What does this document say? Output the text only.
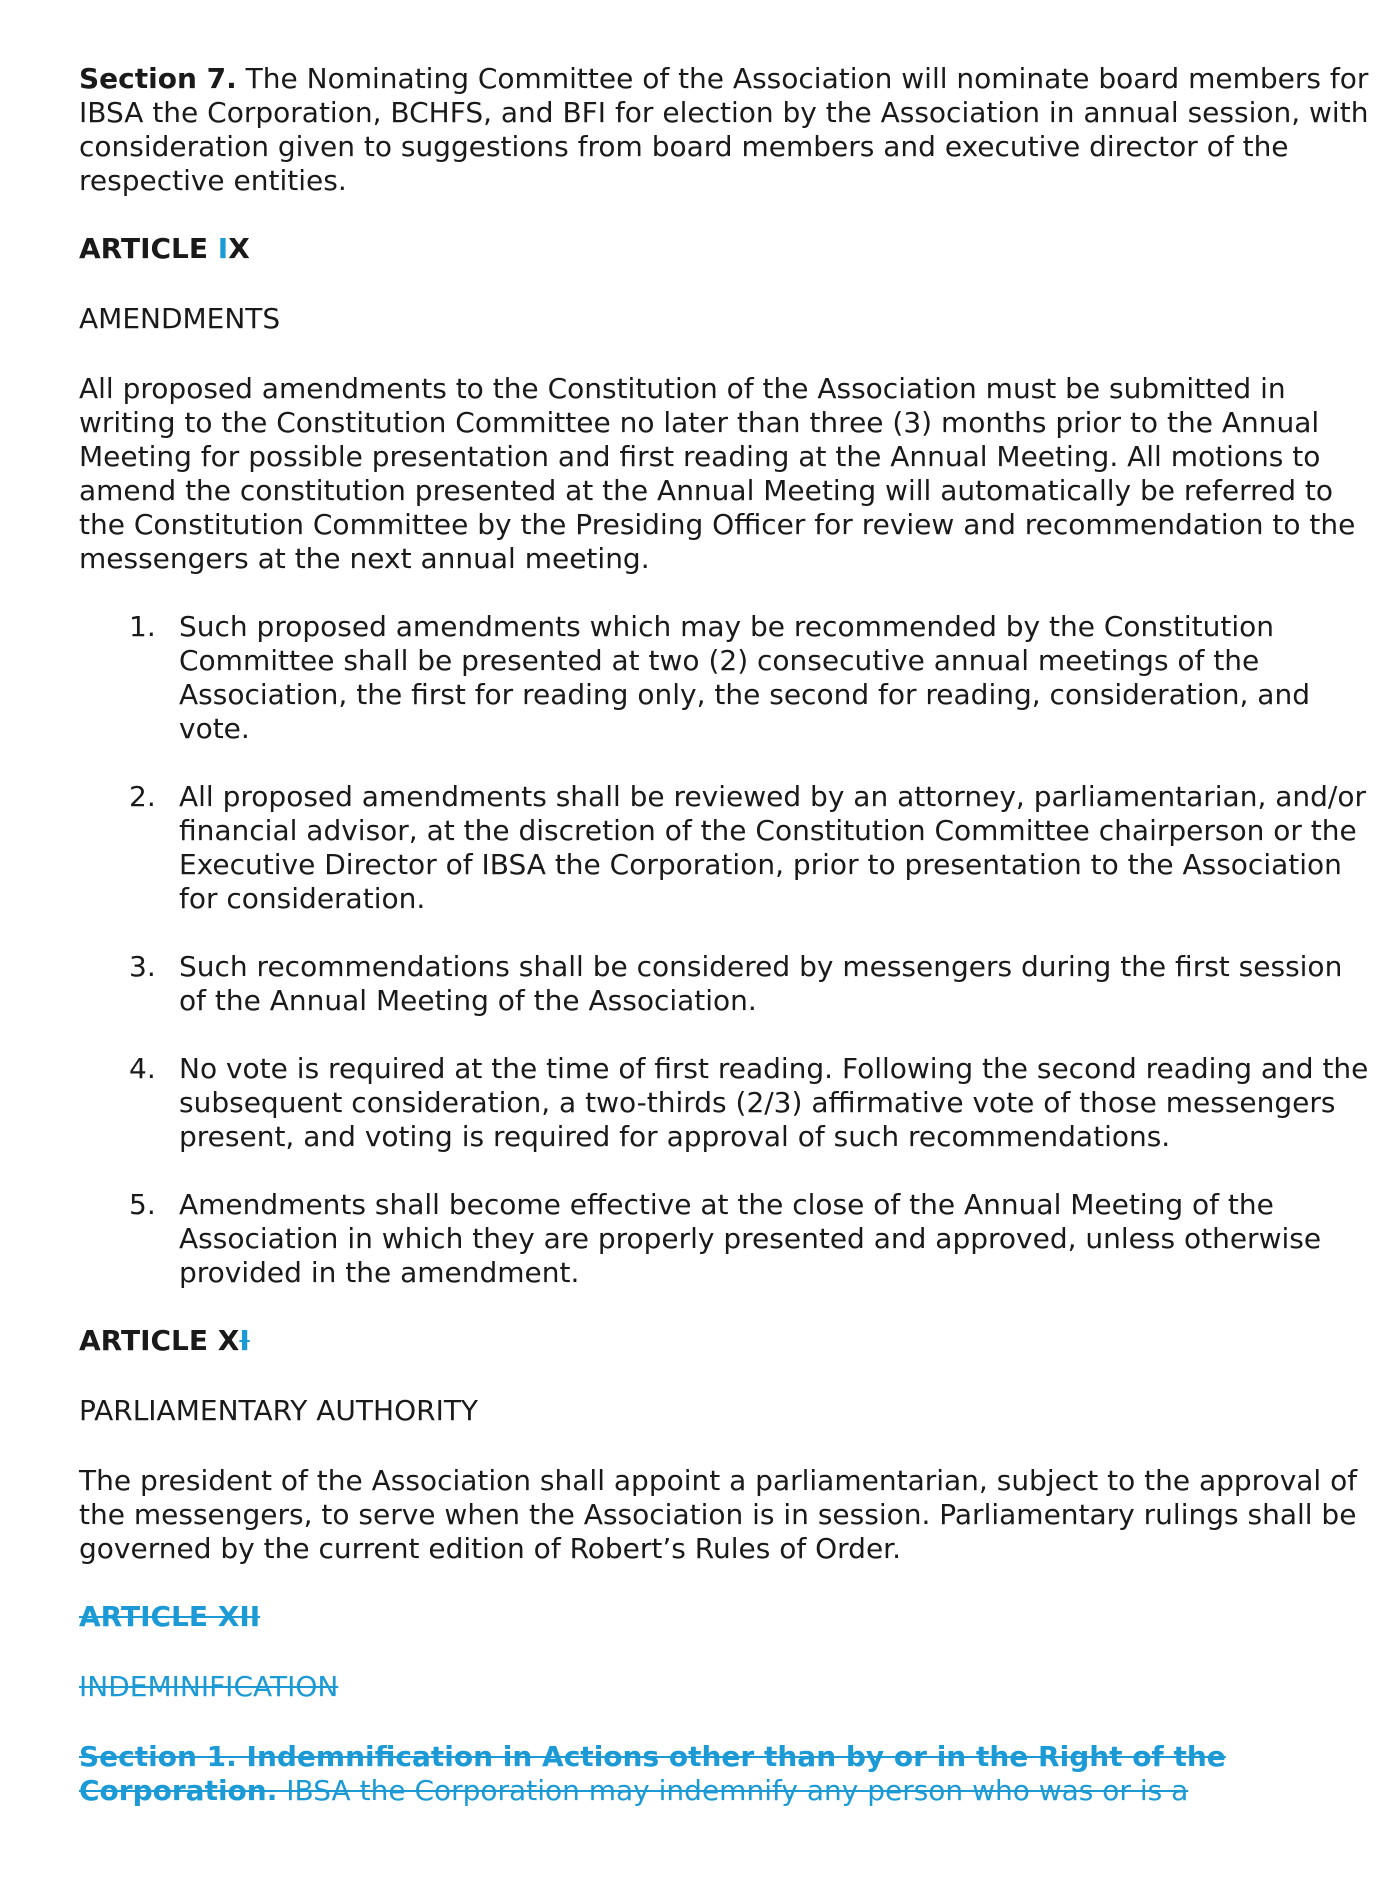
Section 7. The Nominating Committee of the Association will nominate board members for IBSA the Corporation, BCHFS, and BFI for election by the Association in annual session, with consideration given to suggestions from board members and executive director of the respective entities.

ARTICLE IX

AMENDMENTS

All proposed amendments to the Constitution of the Association must be submitted in writing to the Constitution Committee no later than three (3) months prior to the Annual Meeting for possible presentation and first reading at the Annual Meeting. All motions to amend the constitution presented at the Annual Meeting will automatically be referred to the Constitution Committee by the Presiding Officer for review and recommendation to the messengers at the next annual meeting.

1. Such proposed amendments which may be recommended by the Constitution Committee shall be presented at two (2) consecutive annual meetings of the Association, the first for reading only, the second for reading, consideration, and vote.
2. All proposed amendments shall be reviewed by an attorney, parliamentarian, and/or financial advisor, at the discretion of the Constitution Committee chairperson or the Executive Director of IBSA the Corporation, prior to presentation to the Association for consideration.
3. Such recommendations shall be considered by messengers during the first session of the Annual Meeting of the Association.
4. No vote is required at the time of first reading. Following the second reading and the subsequent consideration, a two-thirds (2/3) affirmative vote of those messengers present, and voting is required for approval of such recommendations.
5. Amendments shall become effective at the close of the Annual Meeting of the Association in which they are properly presented and approved, unless otherwise provided in the amendment.

ARTICLE XI

PARLIAMENTARY AUTHORITY

The president of the Association shall appoint a parliamentarian, subject to the approval of the messengers, to serve when the Association is in session. Parliamentary rulings shall be governed by the current edition of Robert’s Rules of Order.

ARTICLE XII

INDEMINIFICATION

Section 1. Indemnification in Actions other than by or in the Right of the Corporation. IBSA the Corporation may indemnify any person who was or is a
